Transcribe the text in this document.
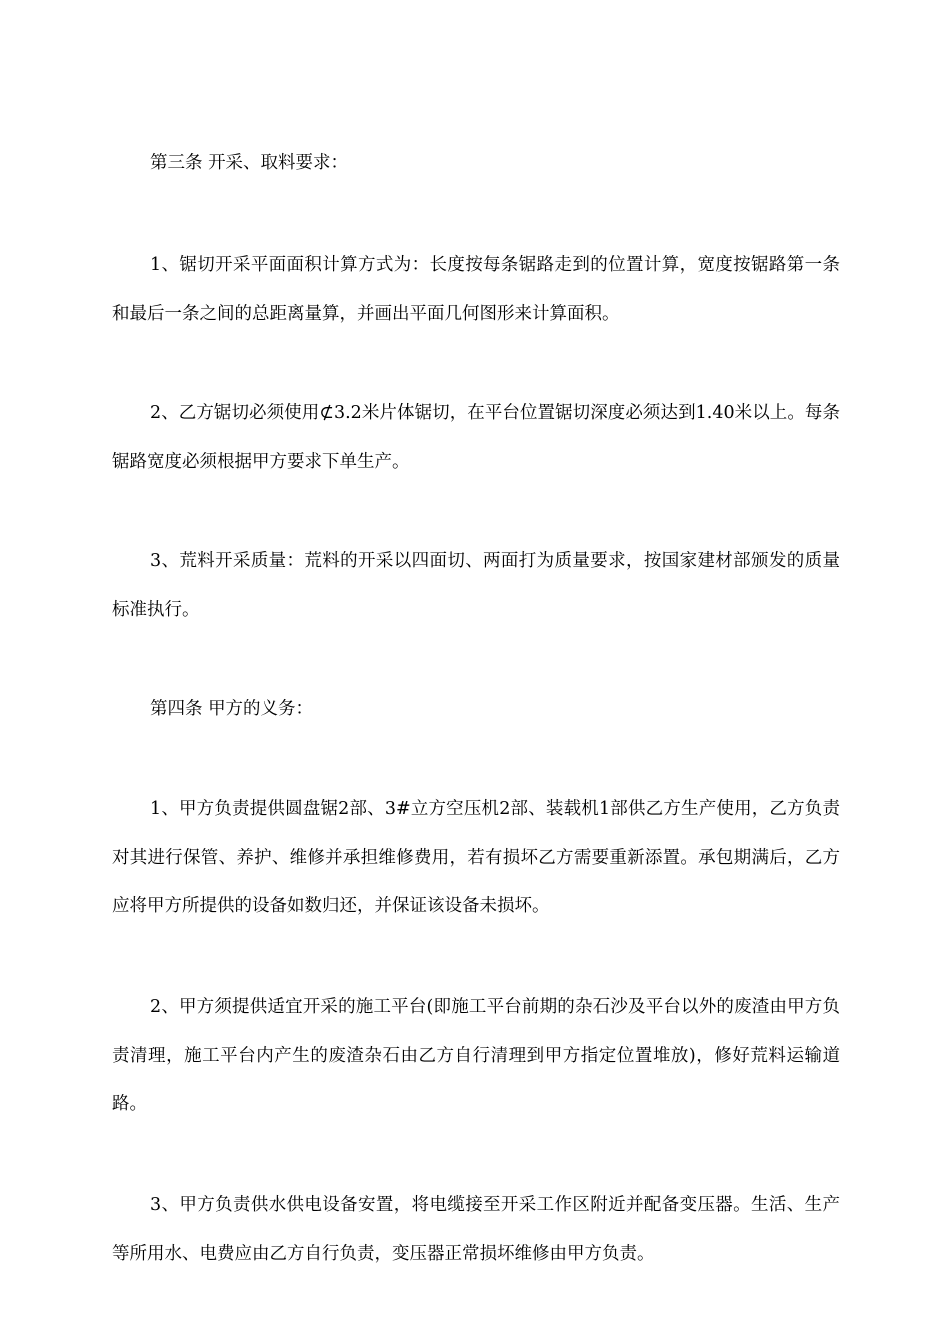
第三条 开采、取料要求：

1、锯切开采平面面积计算方式为：长度按每条锯路走到的位置计算，宽度按锯路第一条和最后一条之间的总距离量算，并画出平面几何图形来计算面积。

2、乙方锯切必须使用⊄3.2米片体锯切，在平台位置锯切深度必须达到1.40米以上。每条锯路宽度必须根据甲方要求下单生产。

3、荒料开采质量：荒料的开采以四面切、两面打为质量要求，按国家建材部颁发的质量标准执行。

第四条 甲方的义务：

1、甲方负责提供圆盘锯2部、3#立方空压机2部、装载机1部供乙方生产使用，乙方负责对其进行保管、养护、维修并承担维修费用，若有损坏乙方需要重新添置。承包期满后，乙方应将甲方所提供的设备如数归还，并保证该设备未损坏。

2、甲方须提供适宜开采的施工平台(即施工平台前期的杂石沙及平台以外的废渣由甲方负责清理，施工平台内产生的废渣杂石由乙方自行清理到甲方指定位置堆放)，修好荒料运输道路。

3、甲方负责供水供电设备安置，将电缆接至开采工作区附近并配备变压器。生活、生产等所用水、电费应由乙方自行负责，变压器正常损坏维修由甲方负责。
